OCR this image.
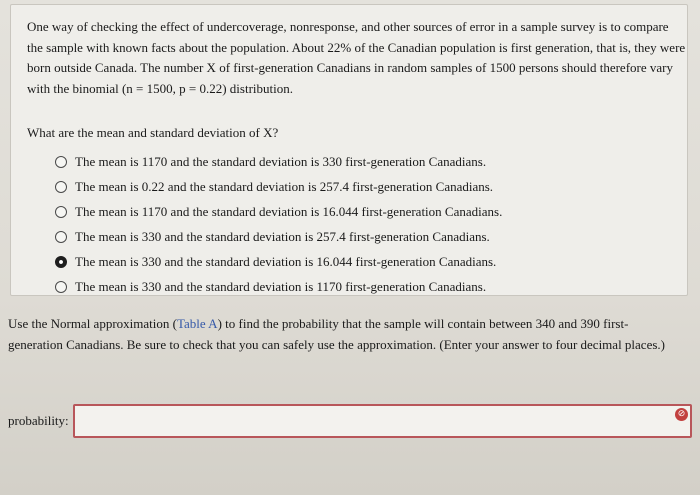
One way of checking the effect of undercoverage, nonresponse, and other sources of error in a sample survey is to compare the sample with known facts about the population. About 22% of the Canadian population is first generation, that is, they were born outside Canada. The number X of first-generation Canadians in random samples of 1500 persons should therefore vary with the binomial (n = 1500, p = 0.22) distribution.
What are the mean and standard deviation of X?
The mean is 1170 and the standard deviation is 330 first-generation Canadians.
The mean is 0.22 and the standard deviation is 257.4 first-generation Canadians.
The mean is 1170 and the standard deviation is 16.044 first-generation Canadians.
The mean is 330 and the standard deviation is 257.4 first-generation Canadians.
The mean is 330 and the standard deviation is 16.044 first-generation Canadians.
The mean is 330 and the standard deviation is 1170 first-generation Canadians.
Use the Normal approximation (Table A) to find the probability that the sample will contain between 340 and 390 first-generation Canadians. Be sure to check that you can safely use the approximation. (Enter your answer to four decimal places.)
probability:	⊘
